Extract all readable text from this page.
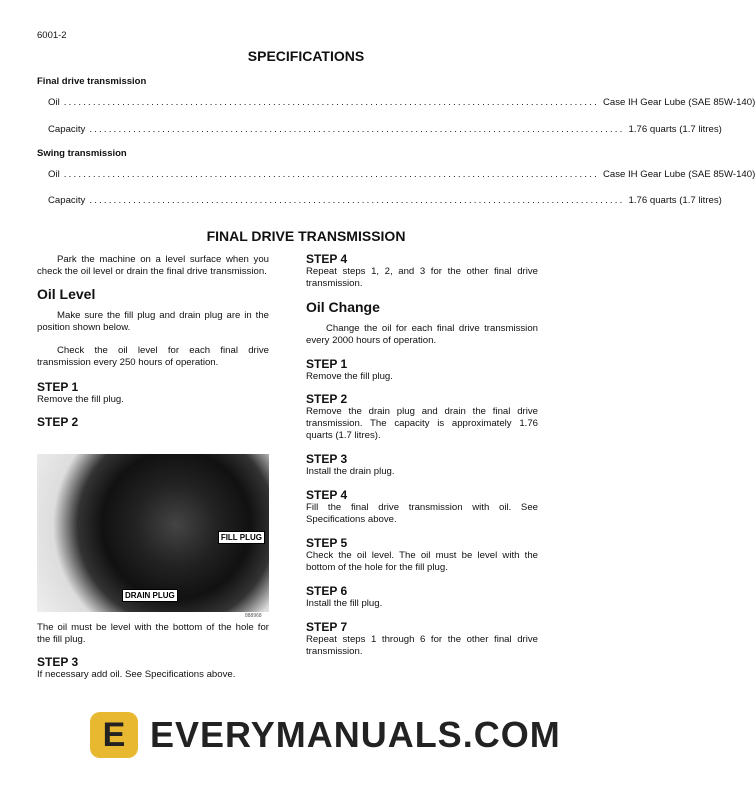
6001-2
SPECIFICATIONS
Final drive transmission
Oil .............................................................................................................. Case IH Gear Lube (SAE 85W-140)
Capacity .............................................................................................................. 1.76 quarts (1.7 litres)
Swing transmission
Oil .............................................................................................................. Case IH Gear Lube (SAE 85W-140)
Capacity .............................................................................................................. 1.76 quarts (1.7 litres)
FINAL DRIVE TRANSMISSION

Park the machine on a level surface when you check the oil level or drain the final drive transmission.

Oil Level

Make sure the fill plug and drain plug are in the position shown below.

Check the oil level for each final drive transmission every 250 hours of operation.

STEP 1

Remove the fill plug.

STEP 2
FILL PLUG
DRAIN PLUG
888968

The oil must be level with the bottom of the hole for the fill plug.

STEP 3

If necessary add oil. See Specifications above.

STEP 4

Repeat steps 1, 2, and 3 for the other final drive transmission.

Oil Change

Change the oil for each final drive transmission every 2000 hours of operation.

STEP 1

Remove the fill plug.

STEP 2

Remove the drain plug and drain the final drive transmission. The capacity is approximately 1.76 quarts (1.7 litres).

STEP 3

Install the drain plug.

STEP 4

Fill the final drive transmission with oil. See Specifications above.

STEP 5

Check the oil level. The oil must be level with the bottom of the hole for the fill plug.

STEP 6

Install the fill plug.

STEP 7

Repeat steps 1 through 6 for the other final drive transmission.

E EVERYMANUALS.COM
